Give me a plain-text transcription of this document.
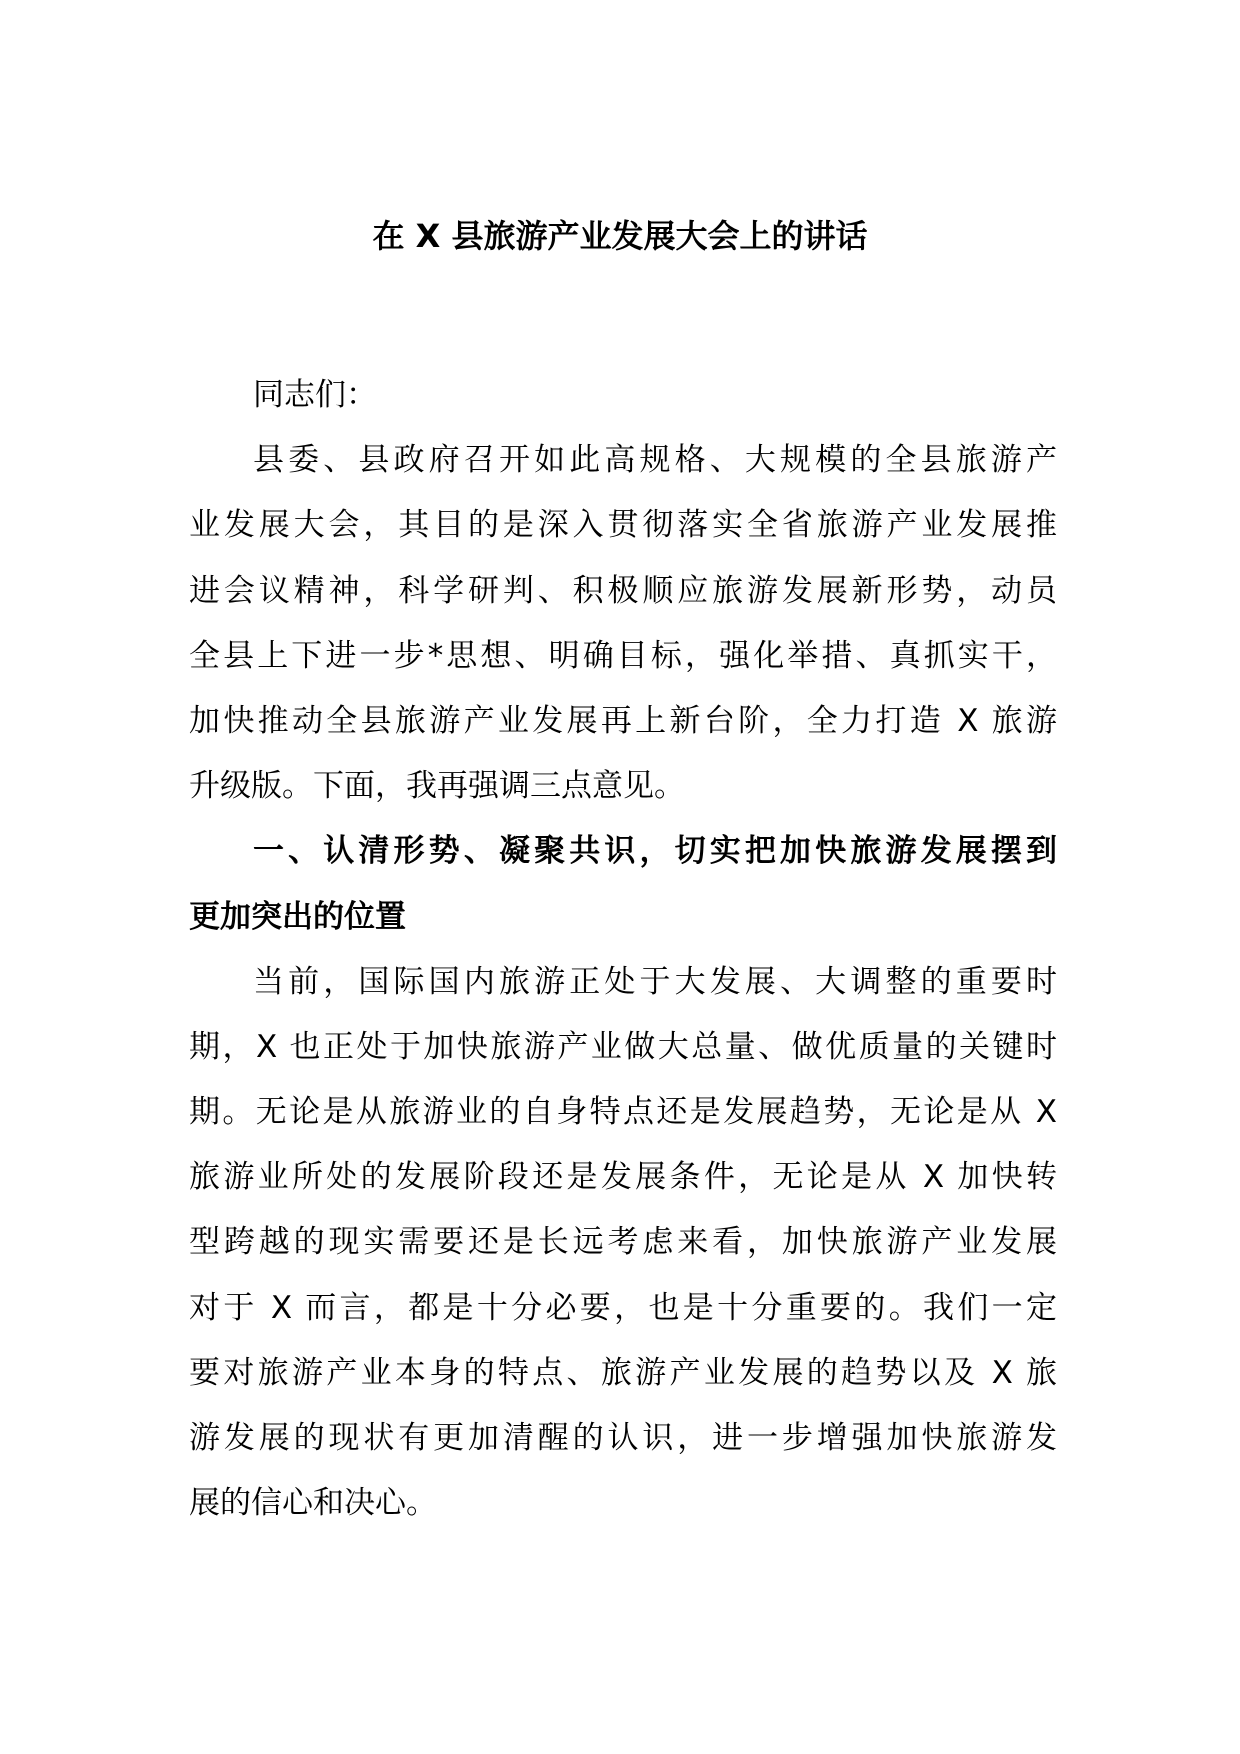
在 X 县旅游产业发展大会上的讲话
同志们：
县委、县政府召开如此高规格、大规模的全县旅游产
业发展大会，其目的是深入贯彻落实全省旅游产业发展推
进会议精神，科学研判、积极顺应旅游发展新形势，动员
全县上下进一步*思想、明确目标，强化举措、真抓实干，
加快推动全县旅游产业发展再上新台阶，全力打造 X 旅游
升级版。下面，我再强调三点意见。
一、认清形势、凝聚共识，切实把加快旅游发展摆到
更加突出的位置
当前，国际国内旅游正处于大发展、大调整的重要时
期，X 也正处于加快旅游产业做大总量、做优质量的关键时
期。无论是从旅游业的自身特点还是发展趋势，无论是从 X
旅游业所处的发展阶段还是发展条件，无论是从 X 加快转
型跨越的现实需要还是长远考虑来看，加快旅游产业发展
对于 X 而言，都是十分必要，也是十分重要的。我们一定
要对旅游产业本身的特点、旅游产业发展的趋势以及 X 旅
游发展的现状有更加清醒的认识，进一步增强加快旅游发
展的信心和决心。
